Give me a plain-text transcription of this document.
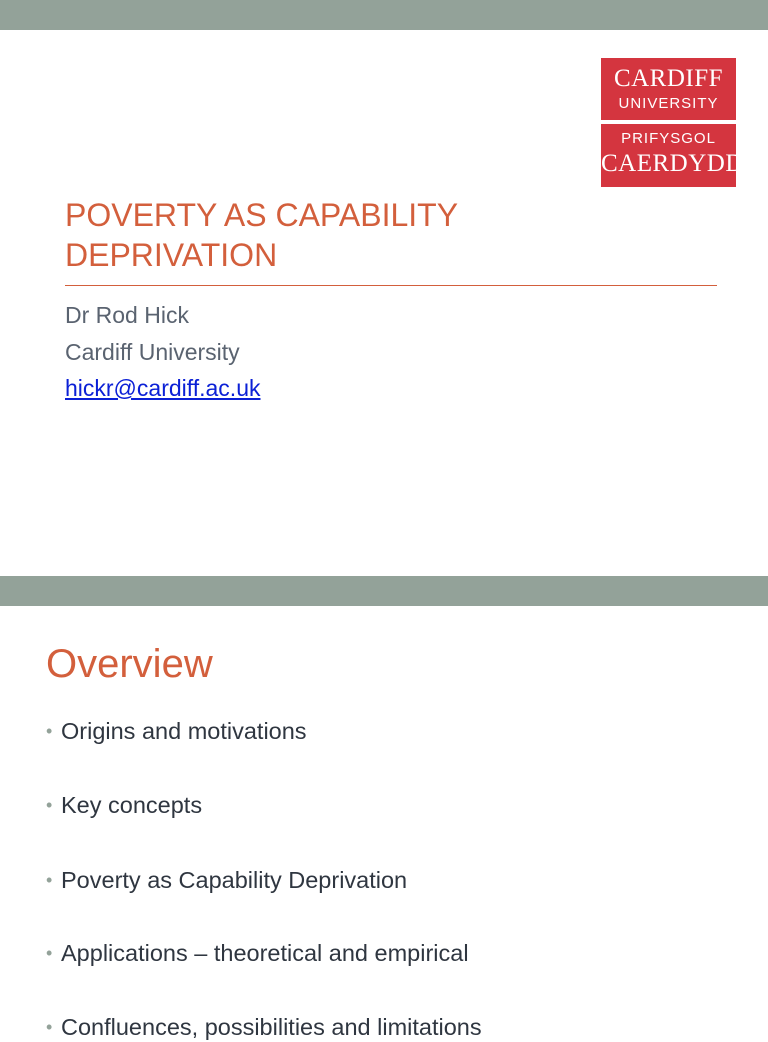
CARDIFF
UNIVERSITY
PRIFYSGOL
CAERDYDD
POVERTY AS CAPABILITY DEPRIVATION
Dr Rod Hick
Cardiff University
hickr@cardiff.ac.uk
Overview
• Origins and motivations
• Key concepts
• Poverty as Capability Deprivation
• Applications – theoretical and empirical
• Confluences, possibilities and limitations
